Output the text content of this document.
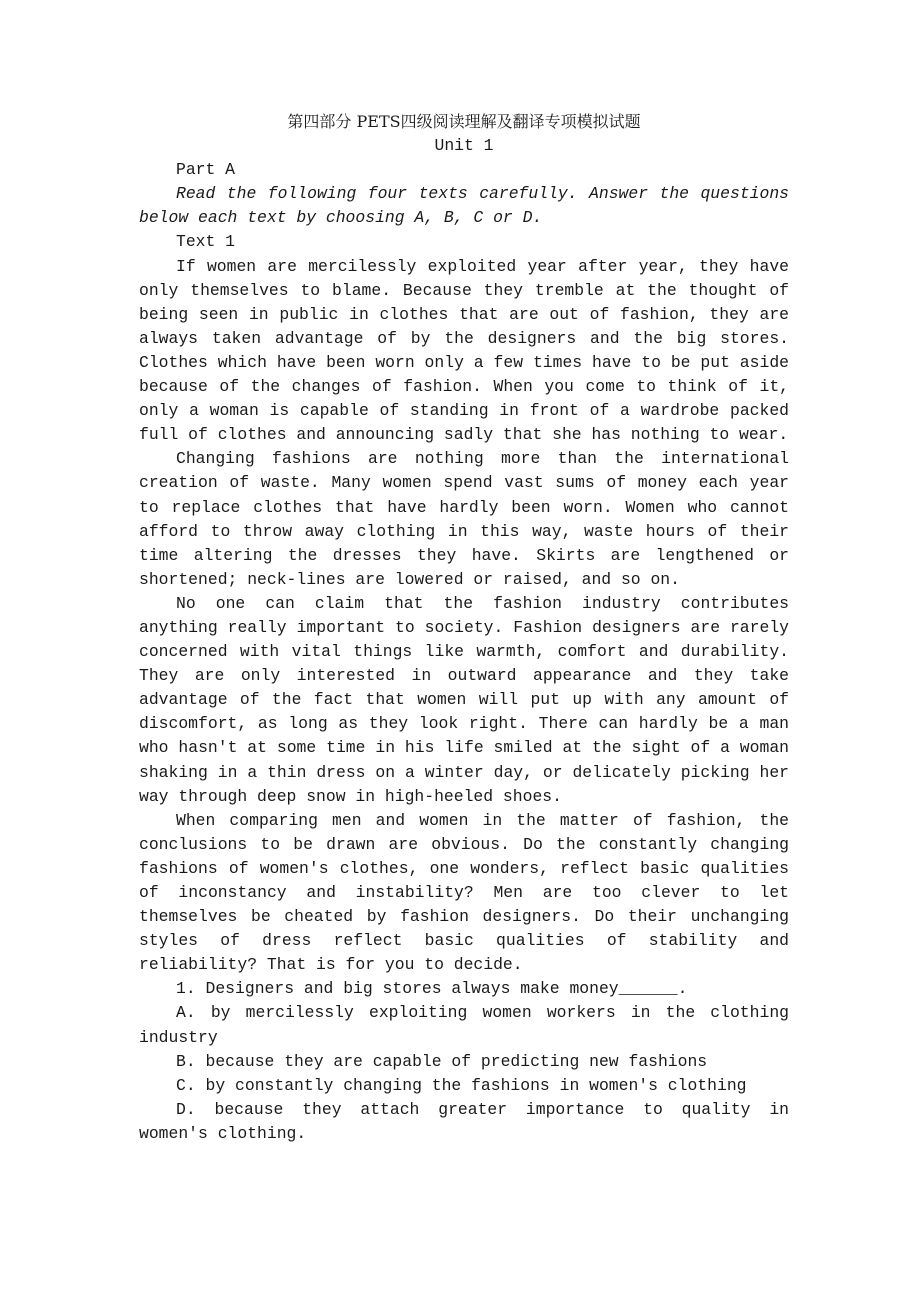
第四部分 PETS四级阅读理解及翻译专项模拟试题

Unit 1

Part A

Read the following four texts carefully. Answer the questions below each text by choosing A, B, C or D.

Text 1

If women are mercilessly exploited year after year, they have only themselves to blame. Because they tremble at the thought of being seen in public in clothes that are out of fashion, they are always taken advantage of by the designers and the big stores. Clothes which have been worn only a few times have to be put aside because of the changes of fashion. When you come to think of it, only a woman is capable of standing in front of a wardrobe packed full of clothes and announcing sadly that she has nothing to wear.

Changing fashions are nothing more than the international creation of waste. Many women spend vast sums of money each year to replace clothes that have hardly been worn. Women who cannot afford to throw away clothing in this way, waste hours of their time altering the dresses they have. Skirts are lengthened or shortened; neck-lines are lowered or raised, and so on.

No one can claim that the fashion industry contributes anything really important to society. Fashion designers are rarely concerned with vital things like warmth, comfort and durability. They are only interested in outward appearance and they take advantage of the fact that women will put up with any amount of discomfort, as long as they look right. There can hardly be a man who hasn't at some time in his life smiled at the sight of a woman shaking in a thin dress on a winter day, or delicately picking her way through deep snow in high-heeled shoes.

When comparing men and women in the matter of fashion, the conclusions to be drawn are obvious. Do the constantly changing fashions of women's clothes, one wonders, reflect basic qualities of inconstancy and instability? Men are too clever to let themselves be cheated by fashion designers. Do their unchanging styles of dress reflect basic qualities of stability and reliability? That is for you to decide.

1. Designers and big stores always make money______.

A. by mercilessly exploiting women workers in the clothing industry

B. because they are capable of predicting new fashions

C. by constantly changing the fashions in women's clothing

D. because they attach greater importance to quality in women's clothing.
